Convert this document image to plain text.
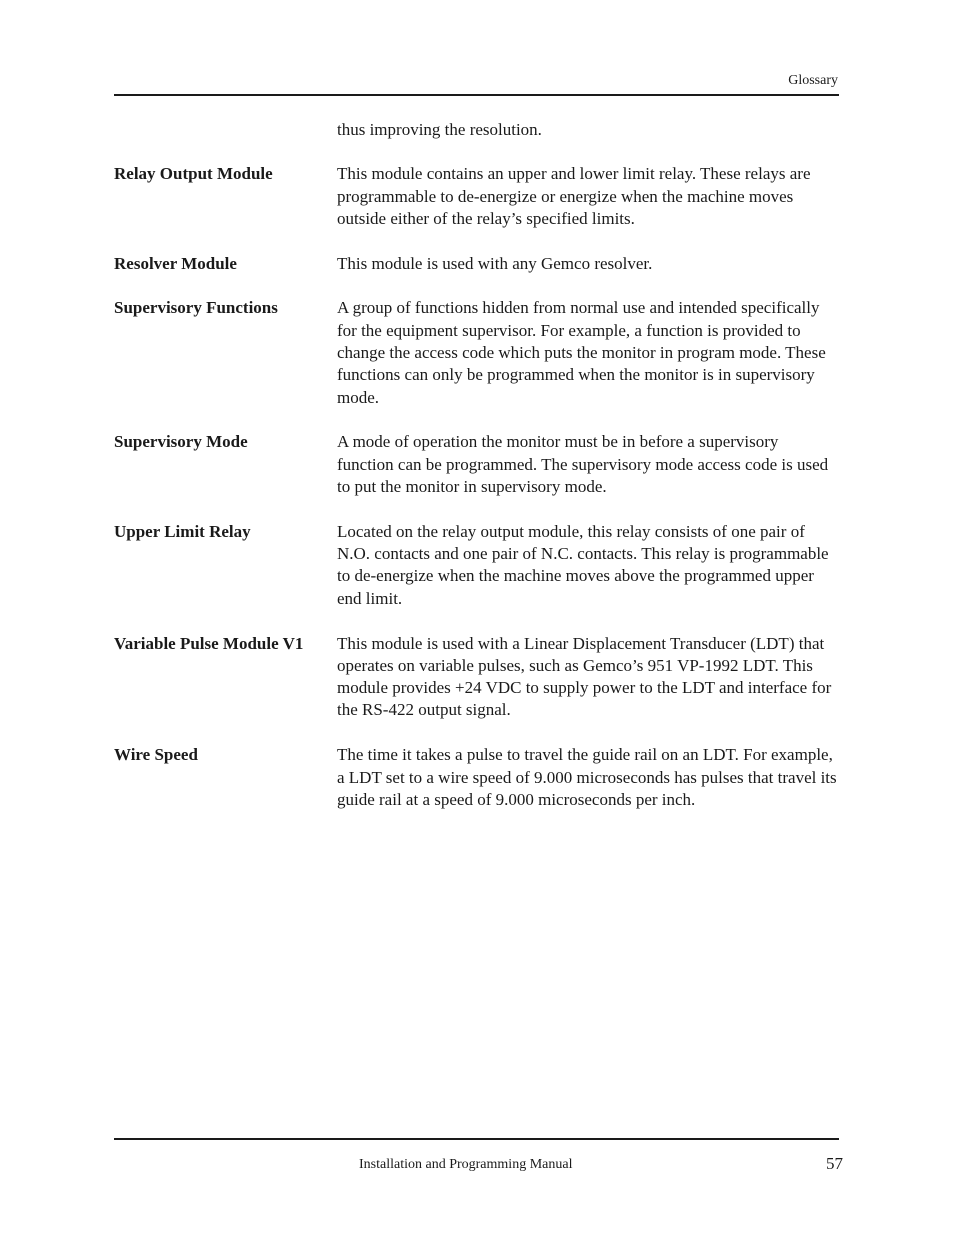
Glossary
thus improving the resolution.
Relay Output Module	This module contains an upper and lower limit relay. These relays are programmable to de-energize or energize when the machine moves outside either of the relay’s specified limits.
Resolver Module	This module is used with any Gemco resolver.
Supervisory Functions	A group of functions hidden from normal use and intended specifically for the equipment supervisor. For example, a function is provided to change the access code which puts the monitor in program mode. These functions can only be programmed when the monitor is in supervisory mode.
Supervisory Mode	A mode of operation the monitor must be in before a supervisory function can be programmed. The supervisory mode access code is used to put the monitor in supervisory mode.
Upper Limit Relay	Located on the relay output module, this relay consists of one pair of N.O. contacts and one pair of N.C. contacts. This relay is programmable to de-energize when the machine moves above the programmed upper end limit.
Variable Pulse Module V1	This module is used with a Linear Displacement Transducer (LDT) that operates on variable pulses, such as Gemco’s 951 VP-1992 LDT. This module provides +24 VDC to supply power to the LDT and interface for the RS-422 output signal.
Wire Speed	The time it takes a pulse to travel the guide rail on an LDT. For example, a LDT set to a wire speed of 9.000 microseconds has pulses that travel its guide rail at a speed of 9.000 microseconds per inch.
Installation and Programming Manual	57
